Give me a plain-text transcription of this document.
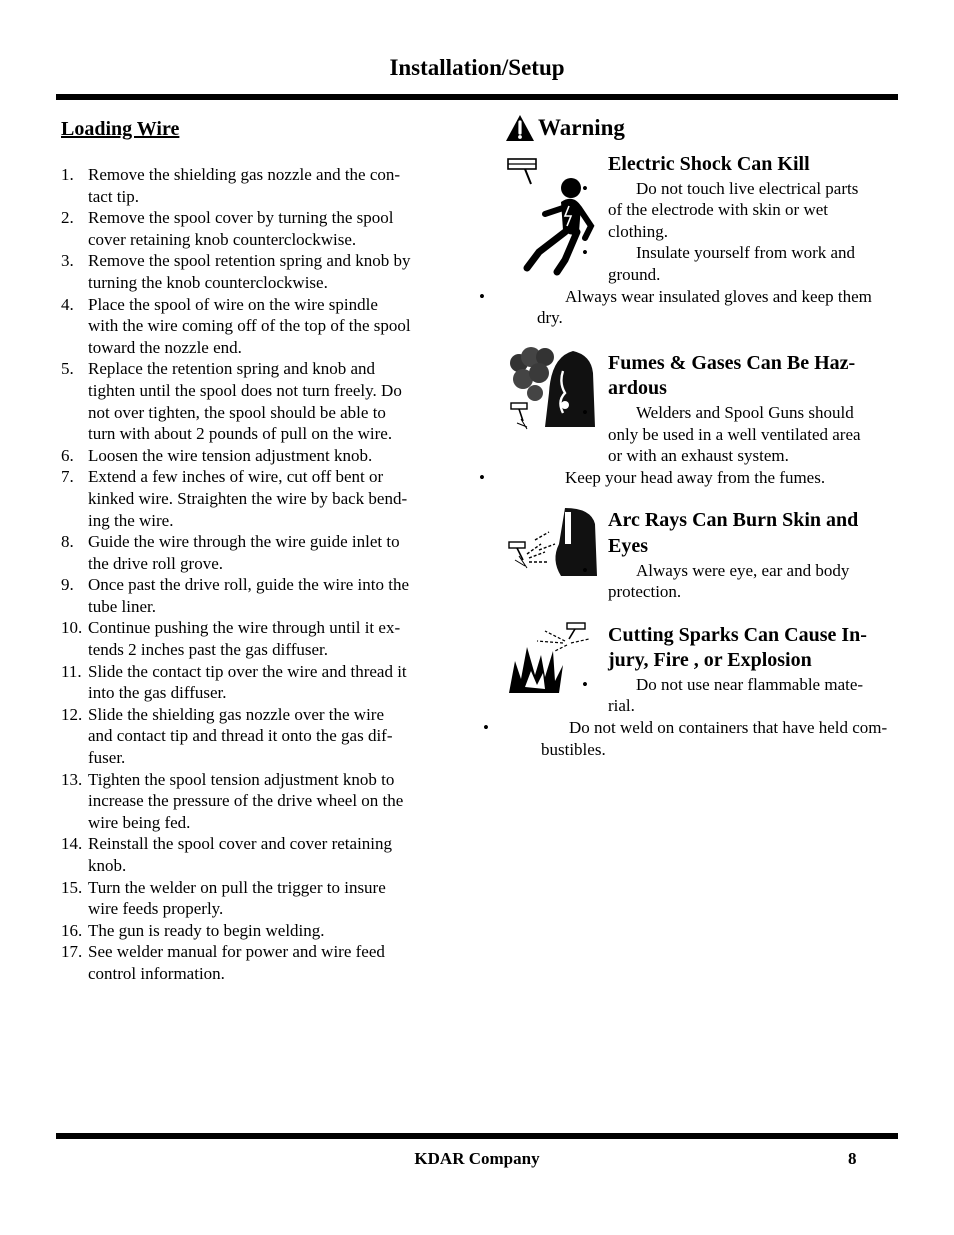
Installation/Setup
Loading Wire
1. Remove the shielding gas nozzle and the con-
tact tip.
2. Remove the spool cover by turning the spool
cover retaining knob counterclockwise.
3. Remove the spool retention spring and knob by
turning the knob counterclockwise.
4. Place the spool of wire on the wire spindle
with the wire coming off of the top of the spool
toward the nozzle end.
5. Replace the retention spring and knob and
tighten until the spool does not turn freely. Do
not over tighten, the spool should be able to
turn with about 2 pounds of pull on the wire.
6. Loosen the wire tension adjustment knob.
7. Extend a few inches of wire, cut off bent or
kinked wire. Straighten the wire by back bend-
ing the wire.
8. Guide the wire through the wire guide inlet to
the drive roll grove.
9. Once past the drive roll, guide the wire into the
tube liner.
10. Continue pushing the wire through until it ex-
tends 2 inches past the gas diffuser.
11. Slide the contact tip over the wire and thread it
into the gas diffuser.
12. Slide the shielding gas nozzle over the wire
and contact tip and thread it onto the gas dif-
fuser.
13. Tighten the spool tension adjustment knob to
increase the pressure of the drive wheel on the
wire being fed.
14. Reinstall the spool cover and cover retaining
knob.
15. Turn the welder on pull the trigger to insure
wire feeds properly.
16. The gun is ready to begin welding.
17. See welder manual for power and wire feed
control information.
Warning
Electric Shock Can Kill
•	Do not touch live electrical parts
of the electrode with skin or wet
clothing.
•	Insulate yourself from work and
ground.
•	Always wear insulated gloves and keep them
dry.
Fumes & Gases Can Be Haz-
ardous
•	Welders and Spool Guns should
only be used in a well ventilated area
or with an exhaust system.
•	Keep your head away from the fumes.
Arc Rays Can Burn Skin and
Eyes
•	Always were eye, ear and body
protection.
Cutting Sparks Can Cause In-
jury, Fire , or Explosion
•	Do not use near flammable mate-
rial.
•	Do not weld on containers that have held com-
bustibles.
KDAR Company	8
